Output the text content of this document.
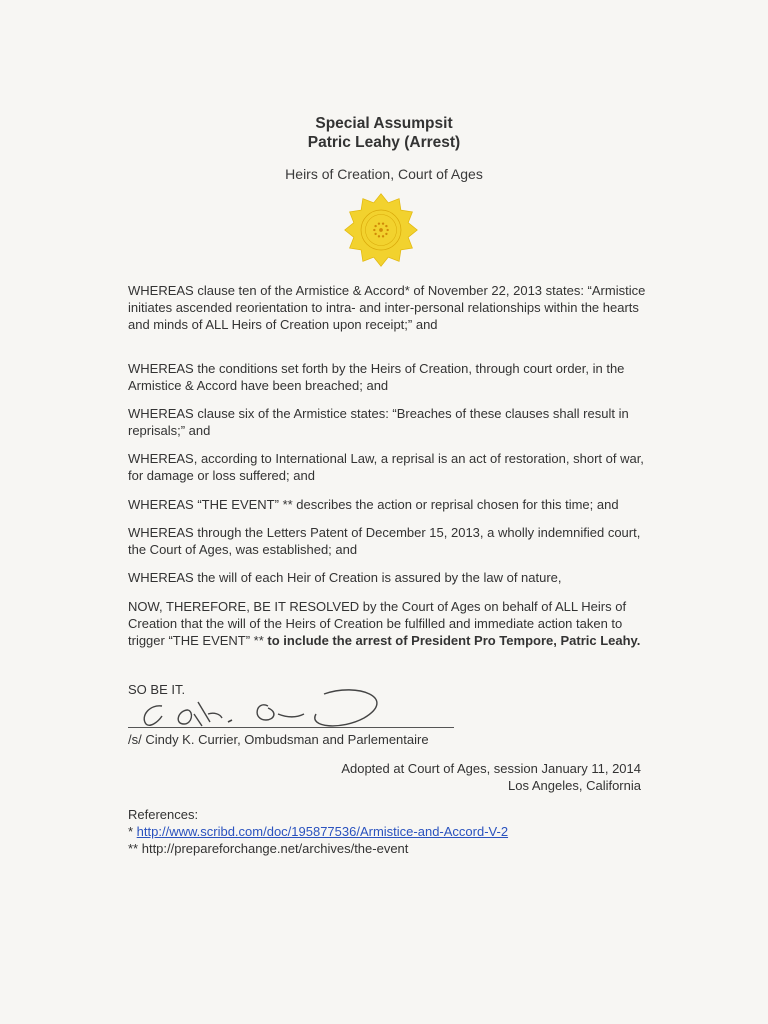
Special Assumpsit
Patric Leahy (Arrest)
Heirs of Creation, Court of Ages
WHEREAS clause ten of the Armistice & Accord* of November 22, 2013 states: “Armistice initiates ascended reorientation to intra- and inter-personal relationships within the hearts and minds of ALL Heirs of Creation upon receipt;” and
WHEREAS the conditions set forth by the Heirs of Creation, through court order, in the Armistice & Accord have been breached; and
WHEREAS clause six of the Armistice states: “Breaches of these clauses shall result in reprisals;” and
WHEREAS, according to International Law, a reprisal is an act of restoration, short of war, for damage or loss suffered; and
WHEREAS “THE EVENT” ** describes the action or reprisal chosen for this time; and
WHEREAS through the Letters Patent of December 15, 2013, a wholly indemnified court, the Court of Ages, was established; and
WHEREAS the will of each Heir of Creation is assured by the law of nature,
NOW, THEREFORE, BE IT RESOLVED by the Court of Ages on behalf of ALL Heirs of Creation that the will of the Heirs of Creation be fulfilled and immediate action taken to trigger “THE EVENT” ** to include the arrest of President Pro Tempore, Patric Leahy.
SO BE IT.
/s/ Cindy K. Currier, Ombudsman and Parlementaire
Adopted at Court of Ages, session January 11, 2014
Los Angeles, California
References:
* http://www.scribd.com/doc/195877536/Armistice-and-Accord-V-2
** http://prepareforchange.net/archives/the-event
